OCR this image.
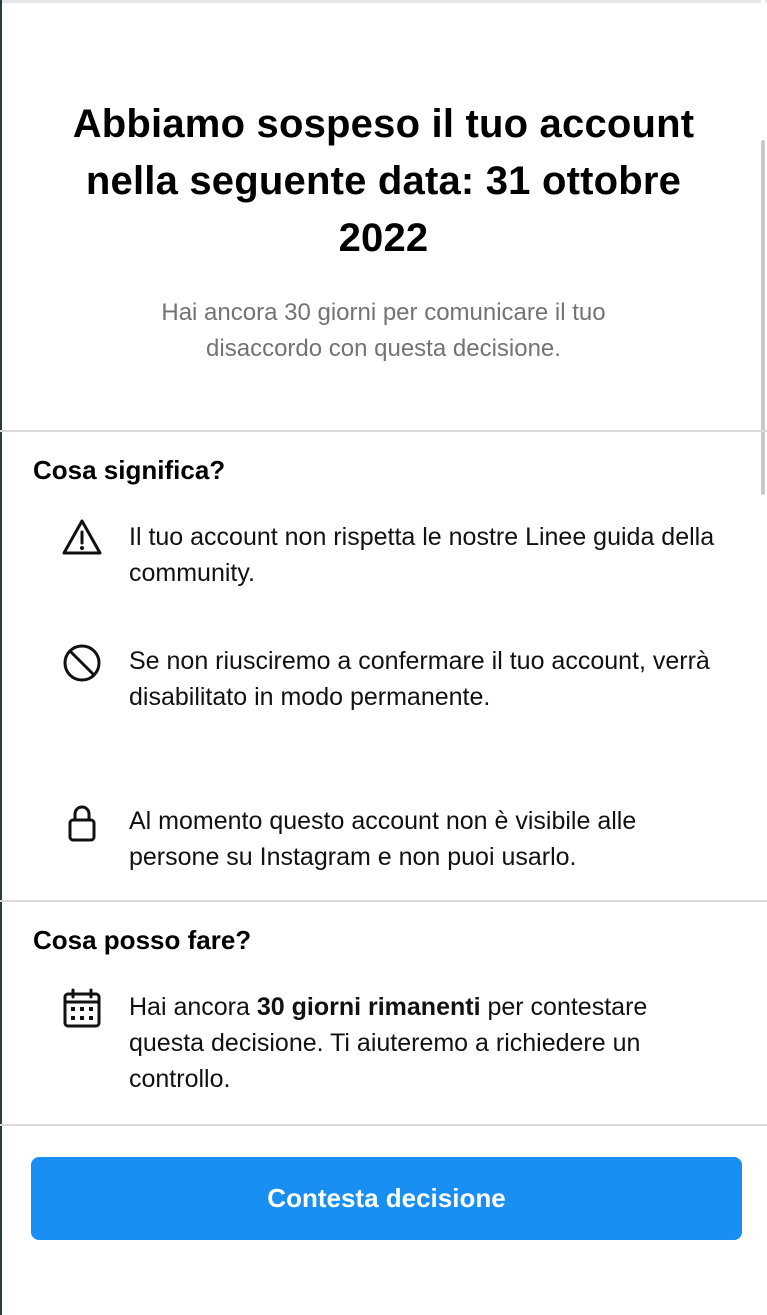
Abbiamo sospeso il tuo account nella seguente data: 31 ottobre 2022

Hai ancora 30 giorni per comunicare il tuo disaccordo con questa decisione.

Cosa significa?
Il tuo account non rispetta le nostre Linee guida della community.
Se non riusciremo a confermare il tuo account, verrà disabilitato in modo permanente.
Al momento questo account non è visibile alle persone su Instagram e non puoi usarlo.
Cosa posso fare?
Hai ancora 30 giorni rimanenti per contestare questa decisione. Ti aiuteremo a richiedere un controllo.
Contesta decisione
